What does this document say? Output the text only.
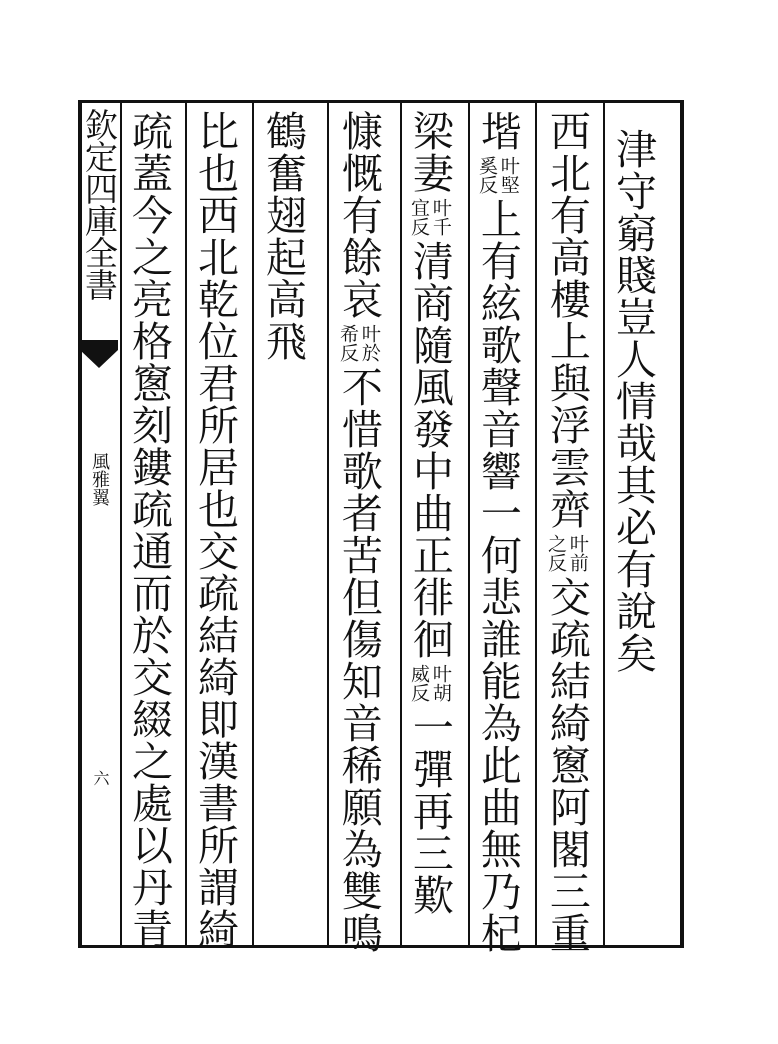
欽定四庫全書
風雅翼
六
津守窮賤豈人情哉其必有說矣
西北有高樓上與浮雲齊
叶前
之反
交疏結綺窻阿閣三重
堦
叶堅
奚反
上有絃歌聲音響一何悲誰能為此曲無乃杞
梁妻
叶千
宜反
清商隨風發中曲正徘徊
叶胡
威反
一彈再三歎
慷慨有餘哀
叶於
希反
不惜歌者苦但傷知音稀願為雙鳴
鶴奮翅起高飛
比也西北乾位君所居也交疏結綺即漢書所謂綺
疏蓋今之亮格窻刻鏤疏通而於交綴之處以丹青
